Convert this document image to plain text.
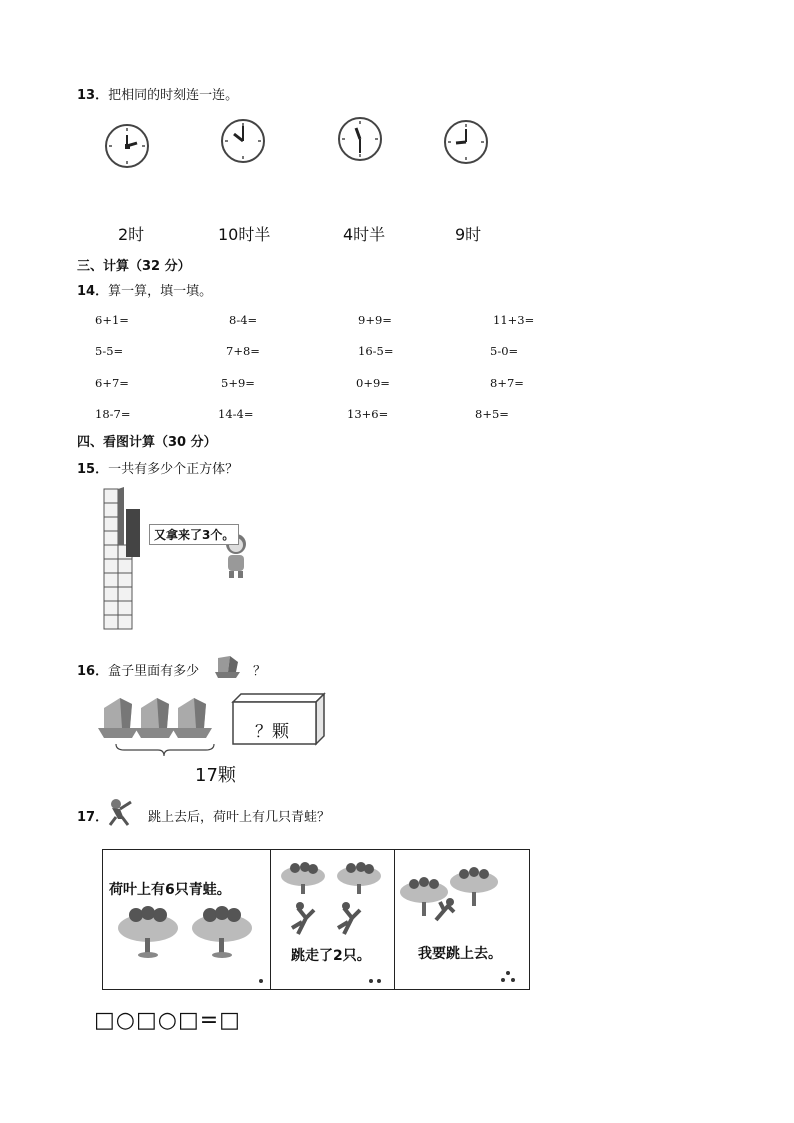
13．把相同的时刻连一连。
2时	10时半	4时半	9时
三、计算（32 分）
14．算一算，填一填。
6+1=	8-4=	9+9=	11+3=
5-5=	7+8=	16-5=	5-0=
6+7=	5+9=	0+9=	8+7=
18-7=	14-4=	13+6=	8+5=
四、看图计算（30 分）
15．一共有多少个正方体？
又拿来了3个。
16．盒子里面有多少	？
？颗
17颗
17．	跳上去后，荷叶上有几只青蛙？
荷叶上有6只青蛙。
跳走了2只。	我要跳上去。
□○□○□=□
